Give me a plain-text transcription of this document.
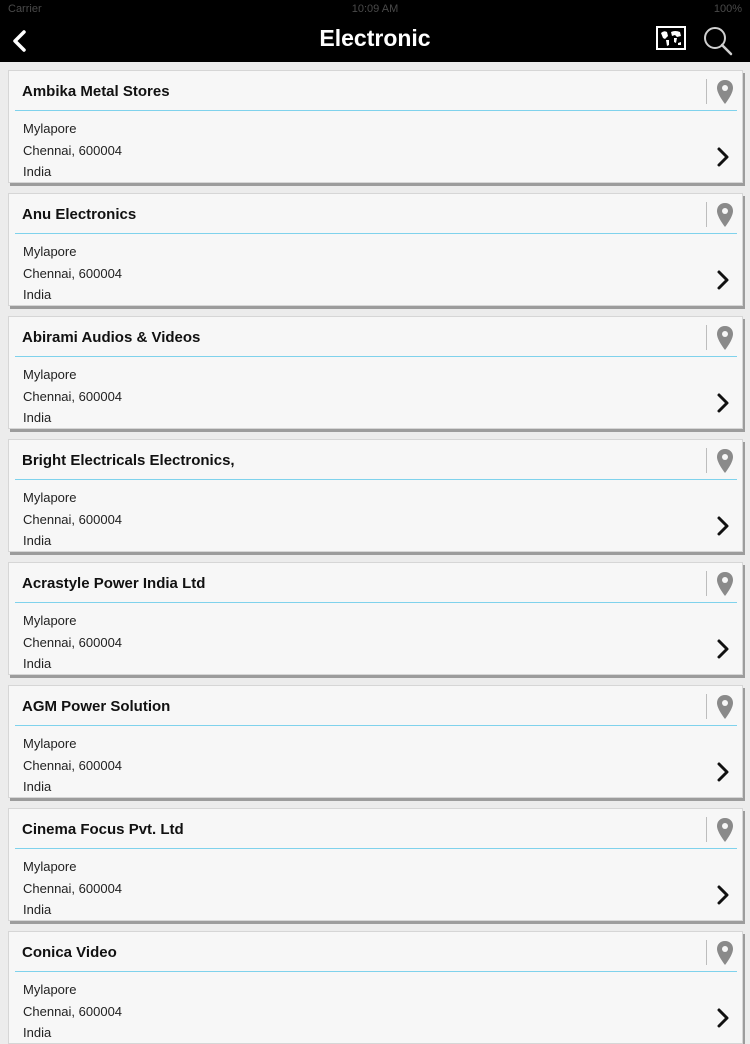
Carrier	10:09 AM	100%
Electronic
Ambika Metal Stores
Mylapore
Chennai, 600004
India
Anu Electronics
Mylapore
Chennai, 600004
India
Abirami Audios & Videos
Mylapore
Chennai, 600004
India
Bright Electricals Electronics,
Mylapore
Chennai, 600004
India
Acrastyle Power India Ltd
Mylapore
Chennai, 600004
India
AGM Power Solution
Mylapore
Chennai, 600004
India
Cinema Focus Pvt. Ltd
Mylapore
Chennai, 600004
India
Conica Video
Mylapore
Chennai, 600004
India
